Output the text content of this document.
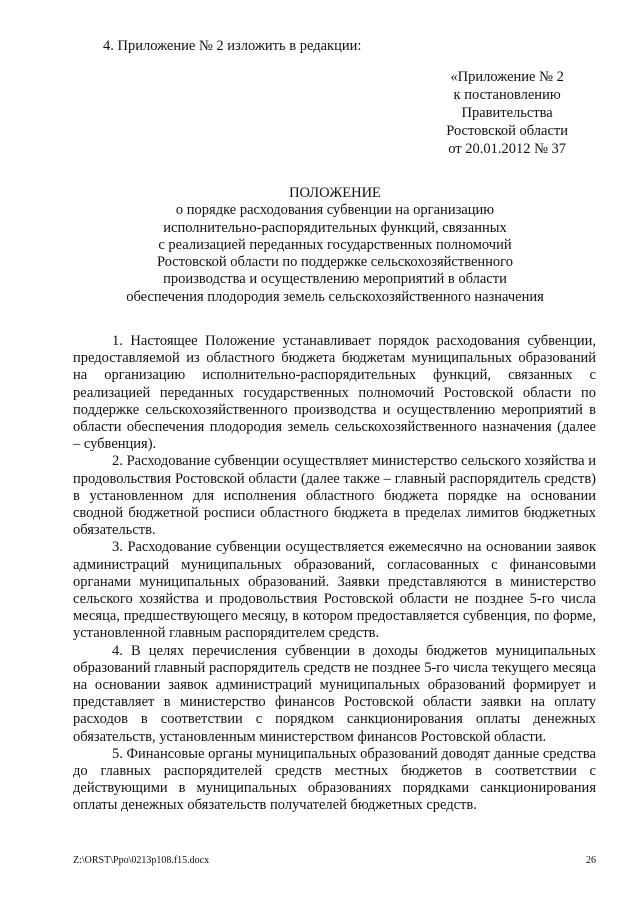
4. Приложение № 2 изложить в редакции:
«Приложение № 2
к постановлению
Правительства
Ростовской области
от 20.01.2012 № 37
ПОЛОЖЕНИЕ
о порядке расходования субвенции на организацию
исполнительно-распорядительных функций, связанных
с реализацией переданных государственных полномочий
Ростовской области по поддержке сельскохозяйственного
производства и осуществлению мероприятий в области
обеспечения плодородия земель сельскохозяйственного назначения

1. Настоящее Положение устанавливает порядок расходования субвенции, предоставляемой из областного бюджета бюджетам муниципальных образований на организацию исполнительно-распорядительных функций, связанных с реализацией переданных государственных полномочий Ростовской области по поддержке сельскохозяйственного производства и осуществлению мероприятий в области обеспечения плодородия земель сельскохозяйственного назначения (далее – субвенция).

2. Расходование субвенции осуществляет министерство сельского хозяйства и продовольствия Ростовской области (далее также – главный распорядитель средств) в установленном для исполнения областного бюджета порядке на основании сводной бюджетной росписи областного бюджета в пределах лимитов бюджетных обязательств.

3. Расходование субвенции осуществляется ежемесячно на основании заявок администраций муниципальных образований, согласованных с финансовыми органами муниципальных образований. Заявки представляются в министерство сельского хозяйства и продовольствия Ростовской области не позднее 5-го числа месяца, предшествующего месяцу, в котором предоставляется субвенция, по форме, установленной главным распорядителем средств.

4. В целях перечисления субвенции в доходы бюджетов муниципальных образований главный распорядитель средств не позднее 5-го числа текущего месяца на основании заявок администраций муниципальных образований формирует и представляет в министерство финансов Ростовской области заявки на оплату расходов в соответствии с порядком санкционирования оплаты денежных обязательств, установленным министерством финансов Ростовской области.

5. Финансовые органы муниципальных образований доводят данные средства до главных распорядителей средств местных бюджетов в соответствии с действующими в муниципальных образованиях порядками санкционирования оплаты денежных обязательств получателей бюджетных средств.

Z:\ORST\Ppo\0213p108.f15.docx	26
